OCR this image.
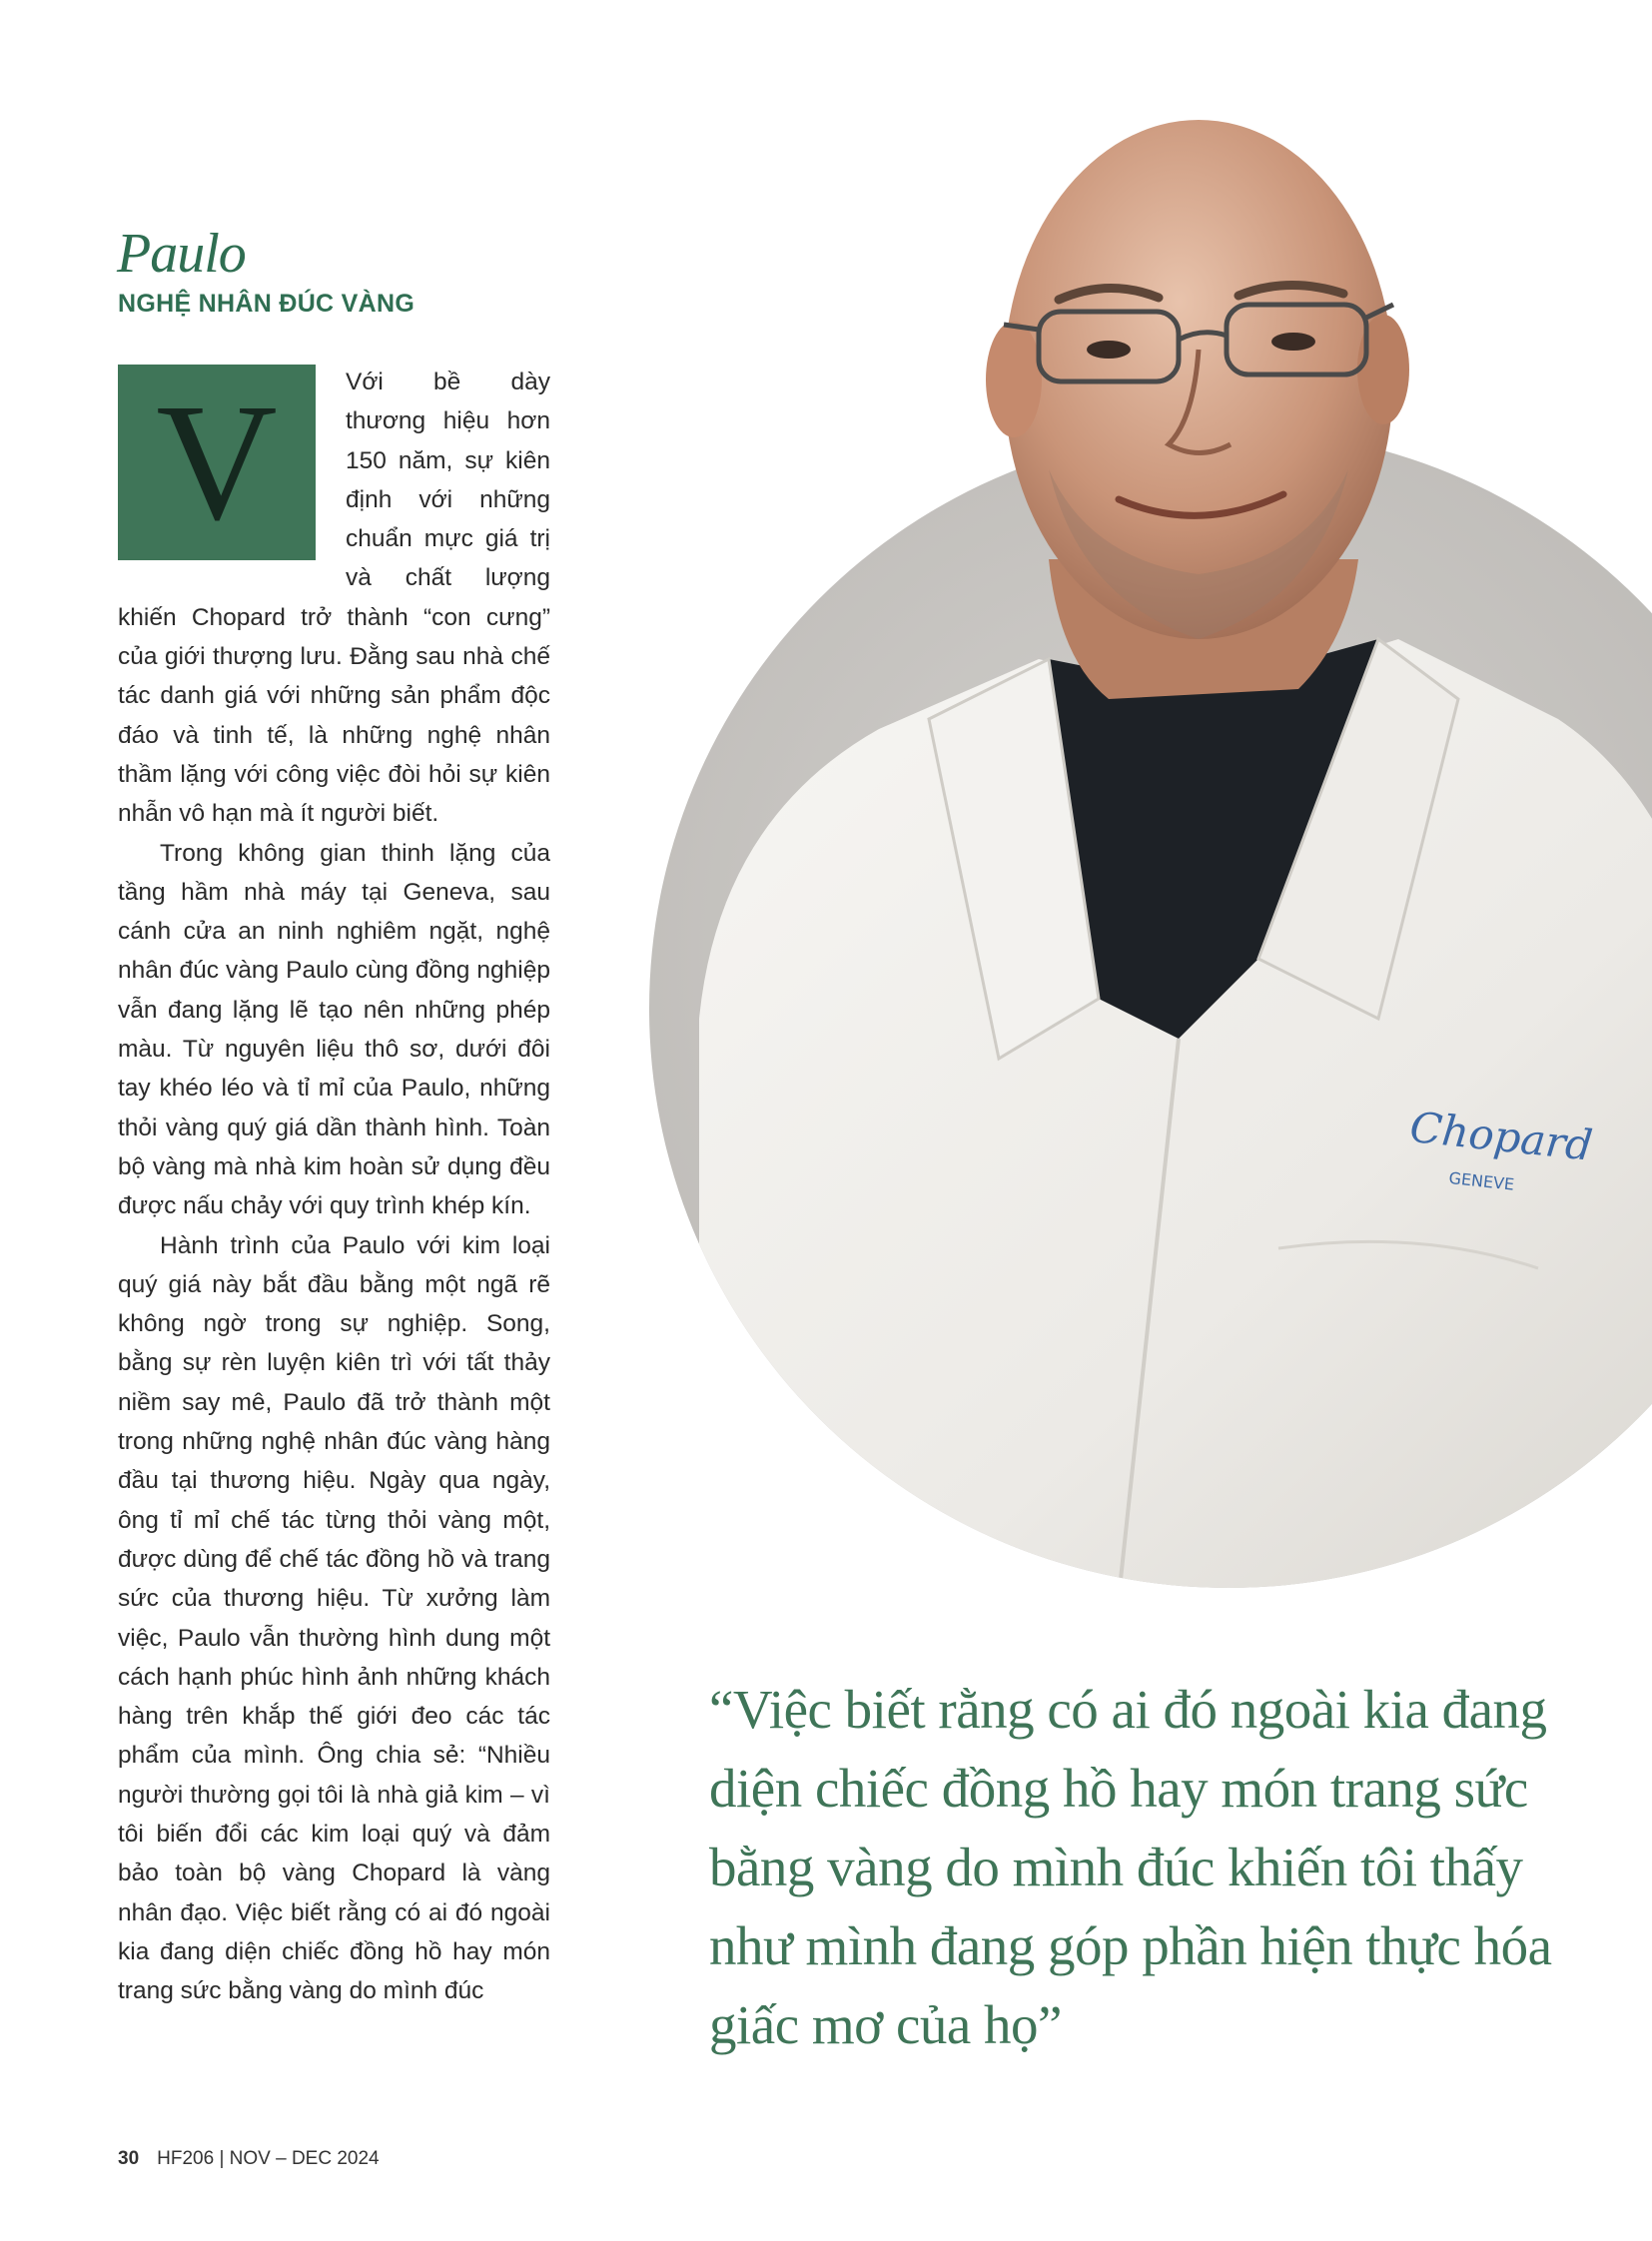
Chopard
GENEVE
Paulo
NGHỆ NHÂN ĐÚC VÀNG

V	Với bề dày thương hiệu hơn 150 năm, sự kiên định với những chuẩn mực giá trị và chất lượng khiến Chopard trở thành “con cưng” của giới thượng lưu. Đằng sau nhà chế tác danh giá với những sản phẩm độc đáo và tinh tế, là những nghệ nhân thầm lặng với công việc đòi hỏi sự kiên nhẫn vô hạn mà ít người biết.

Trong không gian thinh lặng của tầng hầm nhà máy tại Geneva, sau cánh cửa an ninh nghiêm ngặt, nghệ nhân đúc vàng Paulo cùng đồng nghiệp vẫn đang lặng lẽ tạo nên những phép màu. Từ nguyên liệu thô sơ, dưới đôi tay khéo léo và tỉ mỉ của Paulo, những thỏi vàng quý giá dần thành hình. Toàn bộ vàng mà nhà kim hoàn sử dụng đều được nấu chảy với quy trình khép kín.

Hành trình của Paulo với kim loại quý giá này bắt đầu bằng một ngã rẽ không ngờ trong sự nghiệp. Song, bằng sự rèn luyện kiên trì với tất thảy niềm say mê, Paulo đã trở thành một trong những nghệ nhân đúc vàng hàng đầu tại thương hiệu. Ngày qua ngày, ông tỉ mỉ chế tác từng thỏi vàng một, được dùng để chế tác đồng hồ và trang sức của thương hiệu. Từ xưởng làm việc, Paulo vẫn thường hình dung một cách hạnh phúc hình ảnh những khách hàng trên khắp thế giới đeo các tác phẩm của mình. Ông chia sẻ: “Nhiều người thường gọi tôi là nhà giả kim – vì tôi biến đổi các kim loại quý và đảm bảo toàn bộ vàng Chopard là vàng nhân đạo. Việc biết rằng có ai đó ngoài kia đang diện chiếc đồng hồ hay món trang sức bằng vàng do mình đúc

“Việc biết rằng có ai đó ngoài kia đang diện chiếc đồng hồ hay món trang sức bằng vàng do mình đúc khiến tôi thấy như mình đang góp phần hiện thực hóa giấc mơ của họ”
30 HF206 | NOV – DEC 2024
